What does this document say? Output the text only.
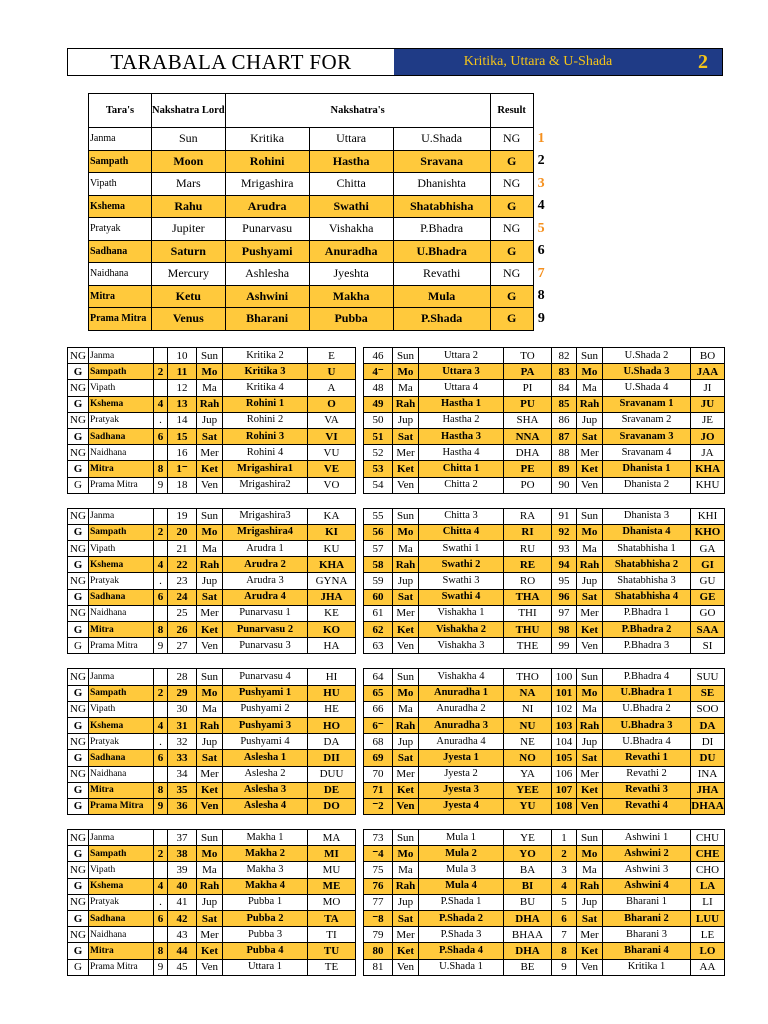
TARABALA CHART FOR	Kritika, Uttara & U-Shada	2
Tara's	Nakshatra Lord	Nakshatra's			Result	
Janma	Sun	Kritika	Uttara	U.Shada	NG	1
Sampath	Moon	Rohini	Hastha	Sravana	G	2
Vipath	Mars	Mrigashira	Chitta	Dhanishta	NG	3
Kshema	Rahu	Arudra	Swathi	Shatabhisha	G	4
Pratyak	Jupiter	Punarvasu	Vishakha	P.Bhadra	NG	5
Sadhana	Saturn	Pushyami	Anuradha	U.Bhadra	G	6
Naidhana	Mercury	Ashlesha	Jyeshta	Revathi	NG	7
Mitra	Ketu	Ashwini	Makha	Mula	G	8
Prama Mitra	Venus	Bharani	Pubba	P.Shada	G	9
NG	Janma		10	Sun	Kritika 2	E
G	Sampath	2	11	Mo	Kritika 3	U
NG	Vipath		12	Ma	Kritika 4	A
G	Kshema	4	13	Rah	Rohini 1	O
NG	Pratyak	.	14	Jup	Rohini 2	VA
G	Sadhana	6	15	Sat	Rohini 3	VI
NG	Naidhana		16	Mer	Rohini 4	VU
G	Mitra	8	1⁻	Ket	Mrigashira1	VE
G	Prama Mitra	9	18	Ven	Mrigashira2	VO

NG	Janma		19	Sun	Mrigashira3	KA
G	Sampath	2	20	Mo	Mrigashira4	KI
NG	Vipath		21	Ma	Arudra 1	KU
G	Kshema	4	22	Rah	Arudra 2	KHA
NG	Pratyak	.	23	Jup	Arudra 3	GYNA
G	Sadhana	6	24	Sat	Arudra 4	JHA
NG	Naidhana		25	Mer	Punarvasu 1	KE
G	Mitra	8	26	Ket	Punarvasu 2	KO
G	Prama Mitra	9	27	Ven	Punarvasu 3	HA

NG	Janma		28	Sun	Punarvasu 4	HI
G	Sampath	2	29	Mo	Pushyami 1	HU
NG	Vipath		30	Ma	Pushyami 2	HE
G	Kshema	4	31	Rah	Pushyami 3	HO
NG	Pratyak	.	32	Jup	Pushyami 4	DA
G	Sadhana	6	33	Sat	Aslesha 1	DII
NG	Naidhana		34	Mer	Aslesha 2	DUU
G	Mitra	8	35	Ket	Aslesha 3	DE
G	Prama Mitra	9	36	Ven	Aslesha 4	DO

NG	Janma		37	Sun	Makha 1	MA
G	Sampath	2	38	Mo	Makha 2	MI
NG	Vipath		39	Ma	Makha 3	MU
G	Kshema	4	40	Rah	Makha 4	ME
NG	Pratyak	.	41	Jup	Pubba 1	MO
G	Sadhana	6	42	Sat	Pubba 2	TA
NG	Naidhana		43	Mer	Pubba 3	TI
G	Mitra	8	44	Ket	Pubba 4	TU
G	Prama Mitra	9	45	Ven	Uttara 1	TE
46	Sun	Uttara 2	TO
4⁻	Mo	Uttara 3	PA
48	Ma	Uttara 4	PI
49	Rah	Hastha 1	PU
50	Jup	Hastha 2	SHA
51	Sat	Hastha 3	NNA
52	Mer	Hastha 4	DHA
53	Ket	Chitta 1	PE
54	Ven	Chitta 2	PO

55	Sun	Chitta 3	RA
56	Mo	Chitta 4	RI
57	Ma	Swathi 1	RU
58	Rah	Swathi 2	RE
59	Jup	Swathi 3	RO
60	Sat	Swathi 4	THA
61	Mer	Vishakha 1	THI
62	Ket	Vishakha 2	THU
63	Ven	Vishakha 3	THE

64	Sun	Vishakha 4	THO
65	Mo	Anuradha 1	NA
66	Ma	Anuradha 2	NI
6⁻	Rah	Anuradha 3	NU
68	Jup	Anuradha 4	NE
69	Sat	Jyesta 1	NO
70	Mer	Jyesta 2	YA
71	Ket	Jyesta 3	YEE
⁻2	Ven	Jyesta 4	YU

73	Sun	Mula 1	YE
⁻4	Mo	Mula 2	YO
75	Ma	Mula 3	BA
76	Rah	Mula 4	BI
77	Jup	P.Shada 1	BU
⁻8	Sat	P.Shada 2	DHA
79	Mer	P.Shada 3	BHAA
80	Ket	P.Shada 4	DHA
81	Ven	U.Shada 1	BE
82	Sun	U.Shada 2	BO
83	Mo	U.Shada 3	JAA
84	Ma	U.Shada 4	JI
85	Rah	Sravanam 1	JU
86	Jup	Sravanam 2	JE
87	Sat	Sravanam 3	JO
88	Mer	Sravanam 4	JA
89	Ket	Dhanista 1	KHA
90	Ven	Dhanista 2	KHU

91	Sun	Dhanista 3	KHI
92	Mo	Dhanista 4	KHO
93	Ma	Shatabhisha 1	GA
94	Rah	Shatabhisha 2	GI
95	Jup	Shatabhisha 3	GU
96	Sat	Shatabhisha 4	GE
97	Mer	P.Bhadra 1	GO
98	Ket	P.Bhadra 2	SAA
99	Ven	P.Bhadra 3	SI

100	Sun	P.Bhadra 4	SUU
101	Mo	U.Bhadra 1	SE
102	Ma	U.Bhadra 2	SOO
103	Rah	U.Bhadra 3	DA
104	Jup	U.Bhadra 4	DI
105	Sat	Revathi 1	DU
106	Mer	Revathi 2	INA
107	Ket	Revathi 3	JHA
108	Ven	Revathi 4	DHAA

1	Sun	Ashwini 1	CHU
2	Mo	Ashwini 2	CHE
3	Ma	Ashwini 3	CHO
4	Rah	Ashwini 4	LA
5	Jup	Bharani 1	LI
6	Sat	Bharani 2	LUU
7	Mer	Bharani 3	LE
8	Ket	Bharani 4	LO
9	Ven	Kritika 1	AA
